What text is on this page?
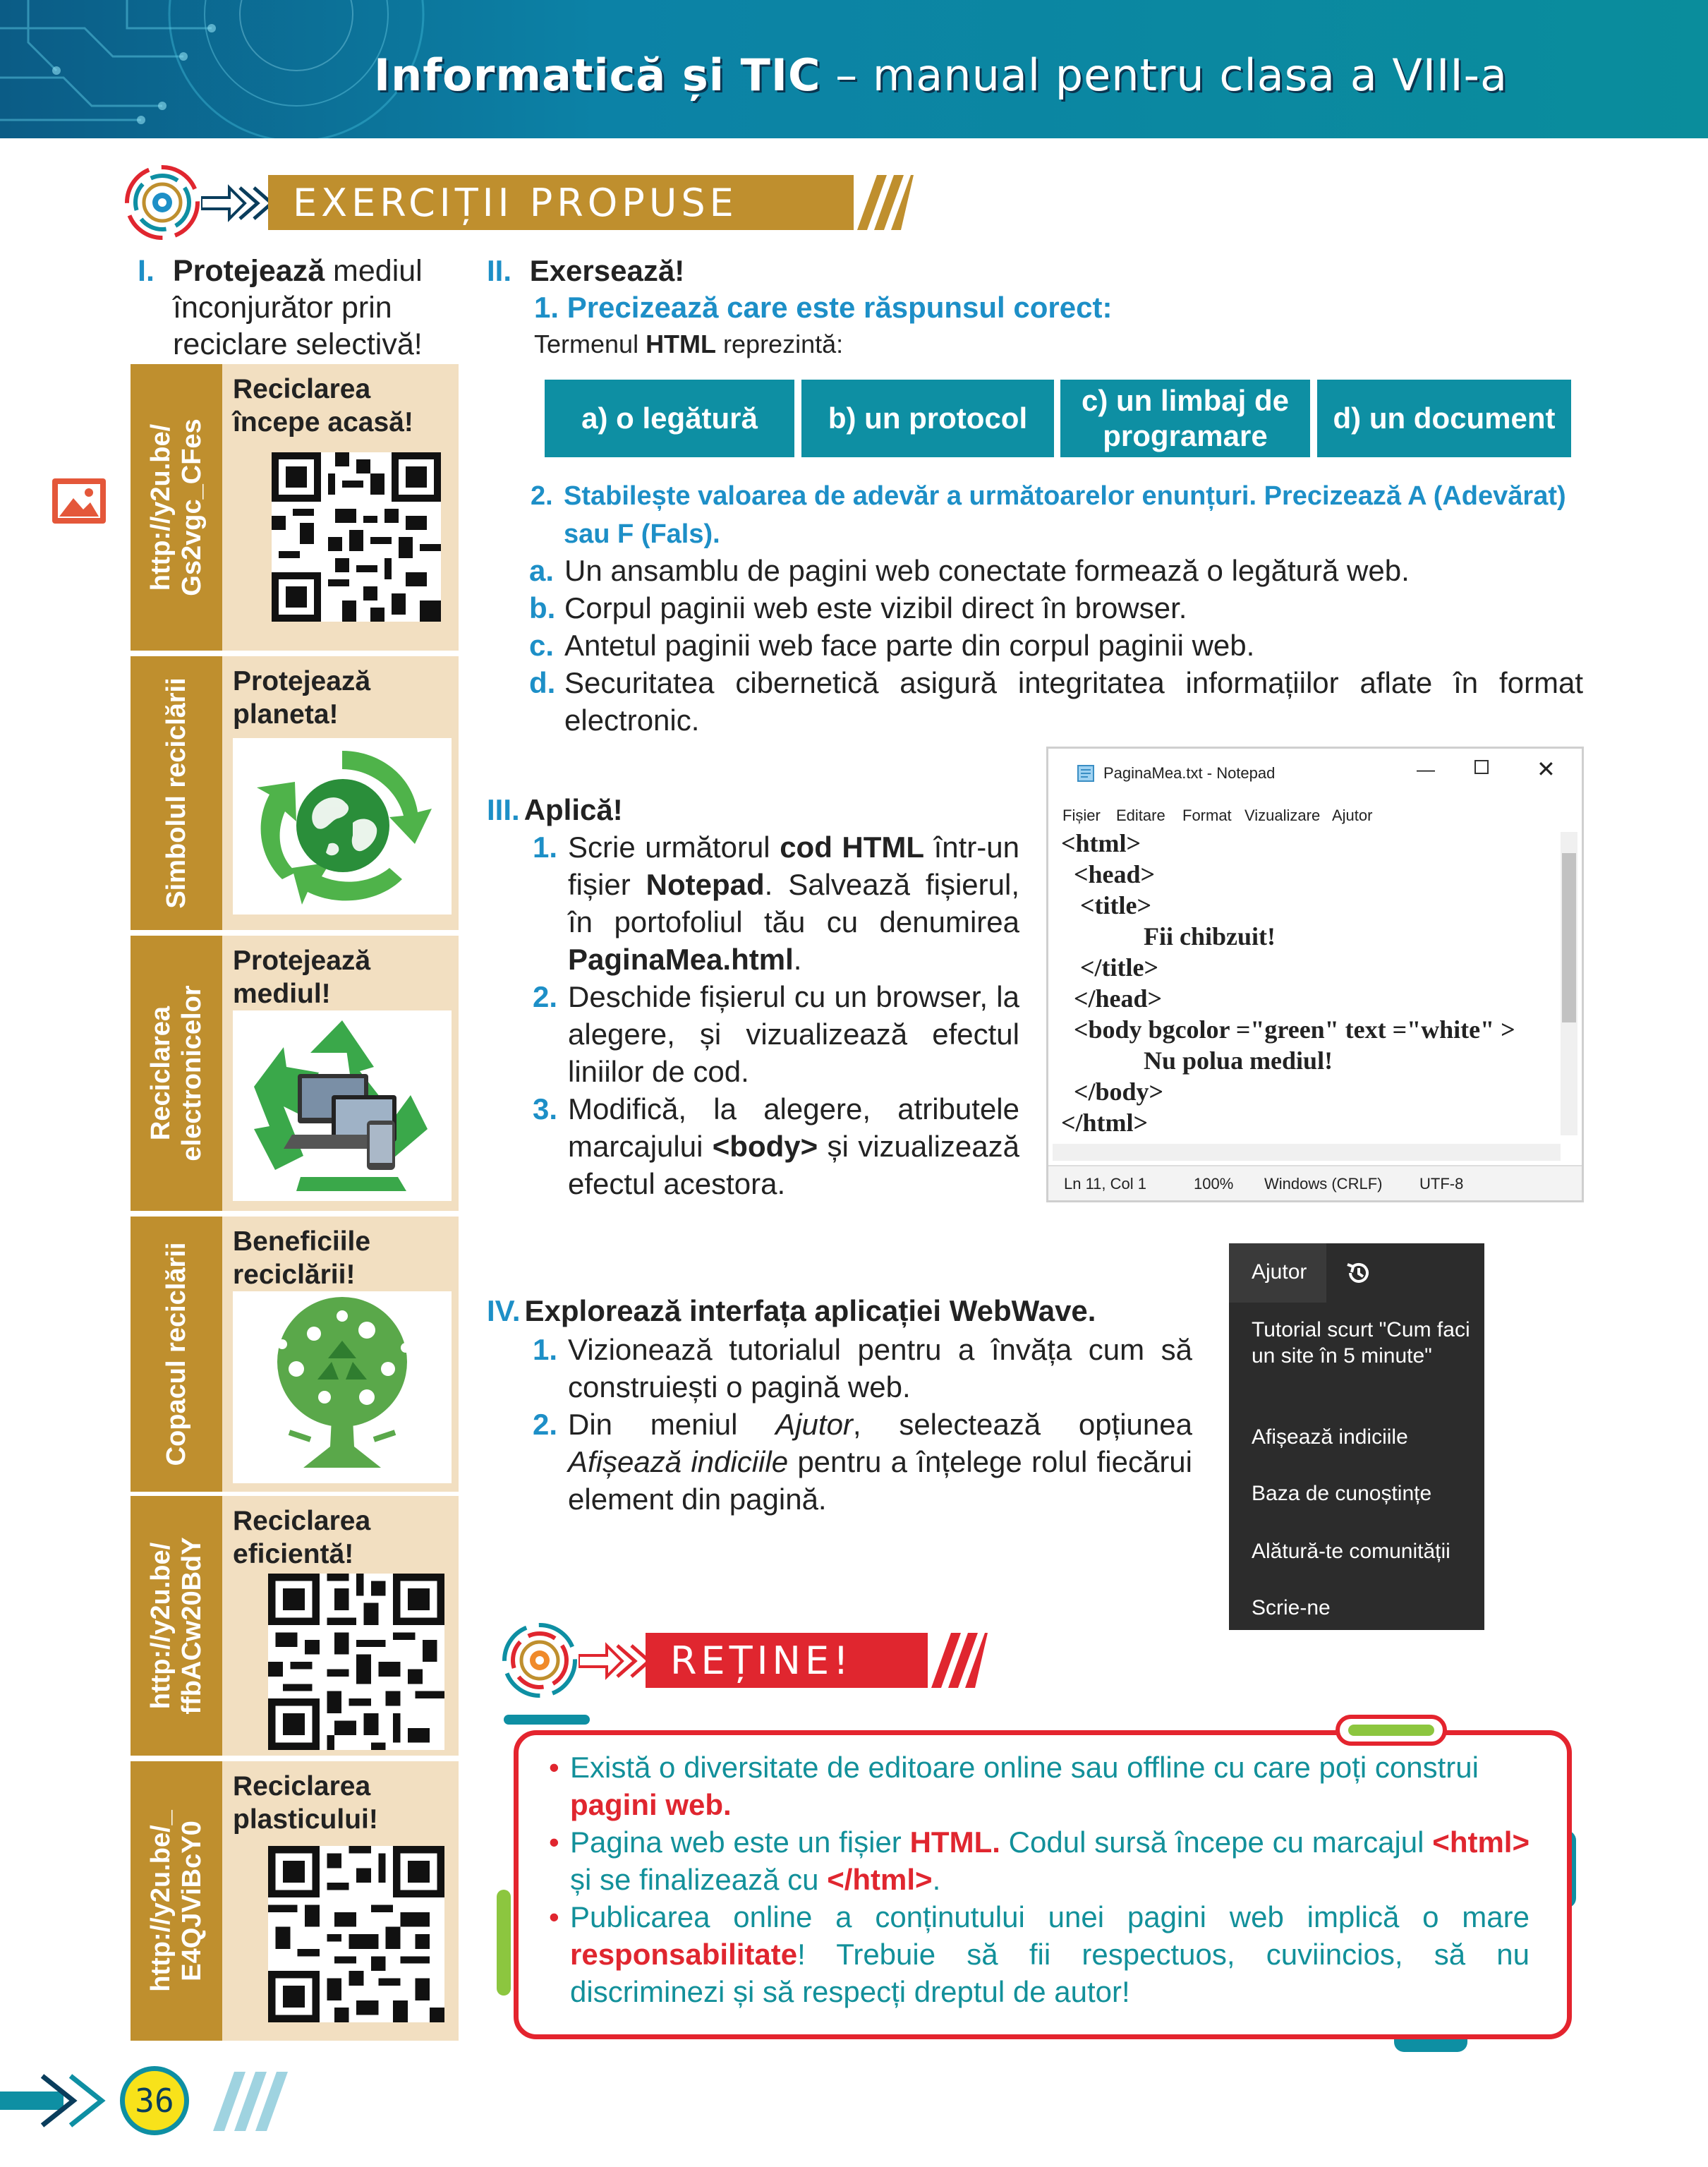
Informatică și TIC – manual pentru clasa a VIII-a
EXERCIȚII PROPUSE
I. Protejează mediul
înconjurător prin
reciclare selectivă!
http://y2u.be/
Gs2vgc_CFes
Reciclarea
începe acasă!
Simbolul reciclării Protejează
planeta!
Reciclarea
electronicelor
Protejează
mediul!
Copacul reciclării
Beneficiile
reciclării!
http://y2u.be/
ffbACw20BdY
Reciclarea
eficientă!
http://y2u.be/_
E4QJViBcY0
Reciclarea
plasticului!
II. Exersează!
1. Precizează care este răspunsul corect:
Termenul HTML reprezintă:
a) o legătură b) un protocol
c) un limbaj de programare
d) un document
2. Stabilește valoarea de adevăr a următoarelor enunțuri. Precizează A (Adevărat) sau F (Fals).
a. Un ansamblu de pagini web conectate formează o legătură web.
b. Corpul paginii web este vizibil direct în browser.
c. Antetul paginii web face parte din corpul paginii web.
d. Securitatea cibernetică asigură integritatea informațiilor aflate în format electronic.
III. Aplică!
1. Scrie următorul cod HTML într-un fișier Notepad. Salvează fișierul, în portofoliul tău cu denumirea PaginaMea.html.
2. Deschide fișierul cu un browser, la alegere, și vizualizează efectul liniilor de cod.
3. Modifică, la alegere, atributele marcajului <body> și vizualizează efectul acestora.
PaginaMea.txt - Notepad	—	✕
Fișier Editare Format Vizualizare Ajutor
<html>
<head>
<title>
Fii chibzuit!
</title>
</head>
<body bgcolor ="green" text ="white" >
Nu polua mediul!
</body>
</html>
Ln 11, Col 1	100% Windows (CRLF) UTF-8
IV. Explorează interfața aplicației WebWave.
1. Vizionează tutorialul pentru a învăța cum să construiești o pagină web.
2. Din meniul Ajutor, selectează opțiunea Afișează indiciile pentru a înțelege rolul fiecărui element din pagină.
Ajutor
Tutorial scurt "Cum faci un site în 5 minute"
Afișează indiciile
Baza de cunoștințe
Alătură-te comunității
Scrie-ne
REȚINE!
• Există o diversitate de editoare online sau offline cu care poți construi pagini web.
• Pagina web este un fișier HTML. Codul sursă începe cu marcajul <html> și se finalizează cu </html>.
• Publicarea online a conținutului unei pagini web implică o mare responsabilitate! Trebuie să fii respectuos, cuviincios, să nu discriminezi și să respecți dreptul de autor!
36
